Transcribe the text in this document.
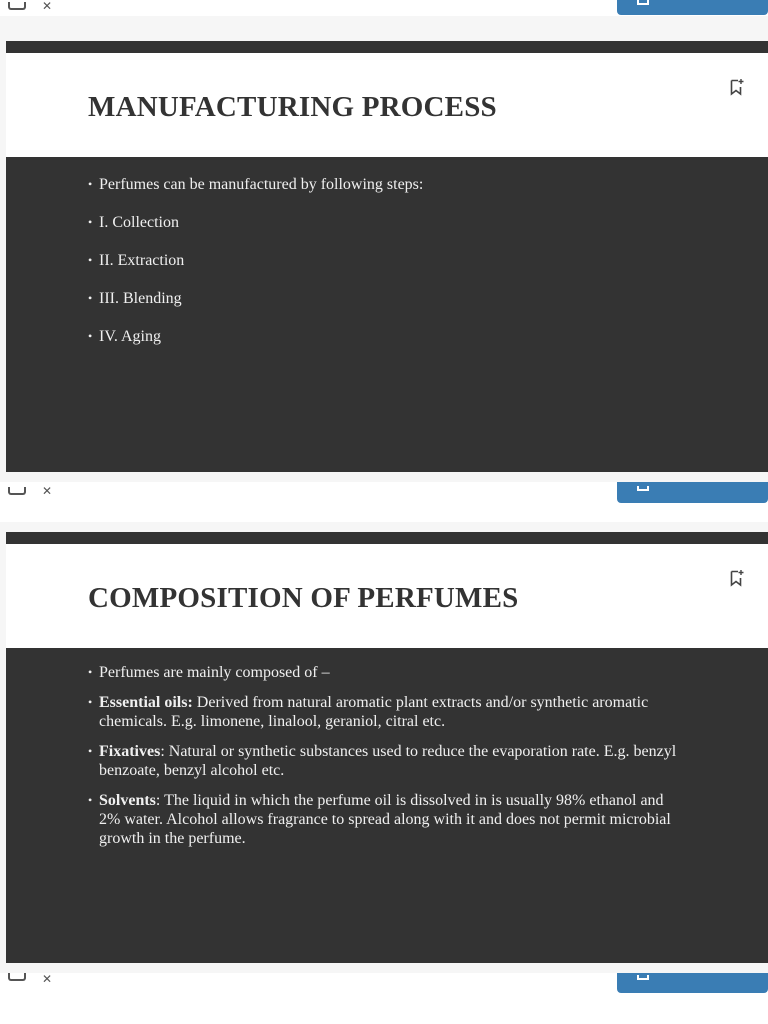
✕
MANUFACTURING PROCESS
• Perfumes can be manufactured by following steps:
• I. Collection
• II. Extraction
• III. Blending
• IV. Aging
✕
COMPOSITION OF PERFUMES
• Perfumes are mainly composed of –
• Essential oils: Derived from natural aromatic plant extracts and/or synthetic aromatic chemicals. E.g. limonene, linalool, geraniol, citral etc.
• Fixatives: Natural or synthetic substances used to reduce the evaporation rate. E.g. benzyl benzoate, benzyl alcohol etc.
• Solvents: The liquid in which the perfume oil is dissolved in is usually 98% ethanol and 2% water. Alcohol allows fragrance to spread along with it and does not permit microbial growth in the perfume.
✕
